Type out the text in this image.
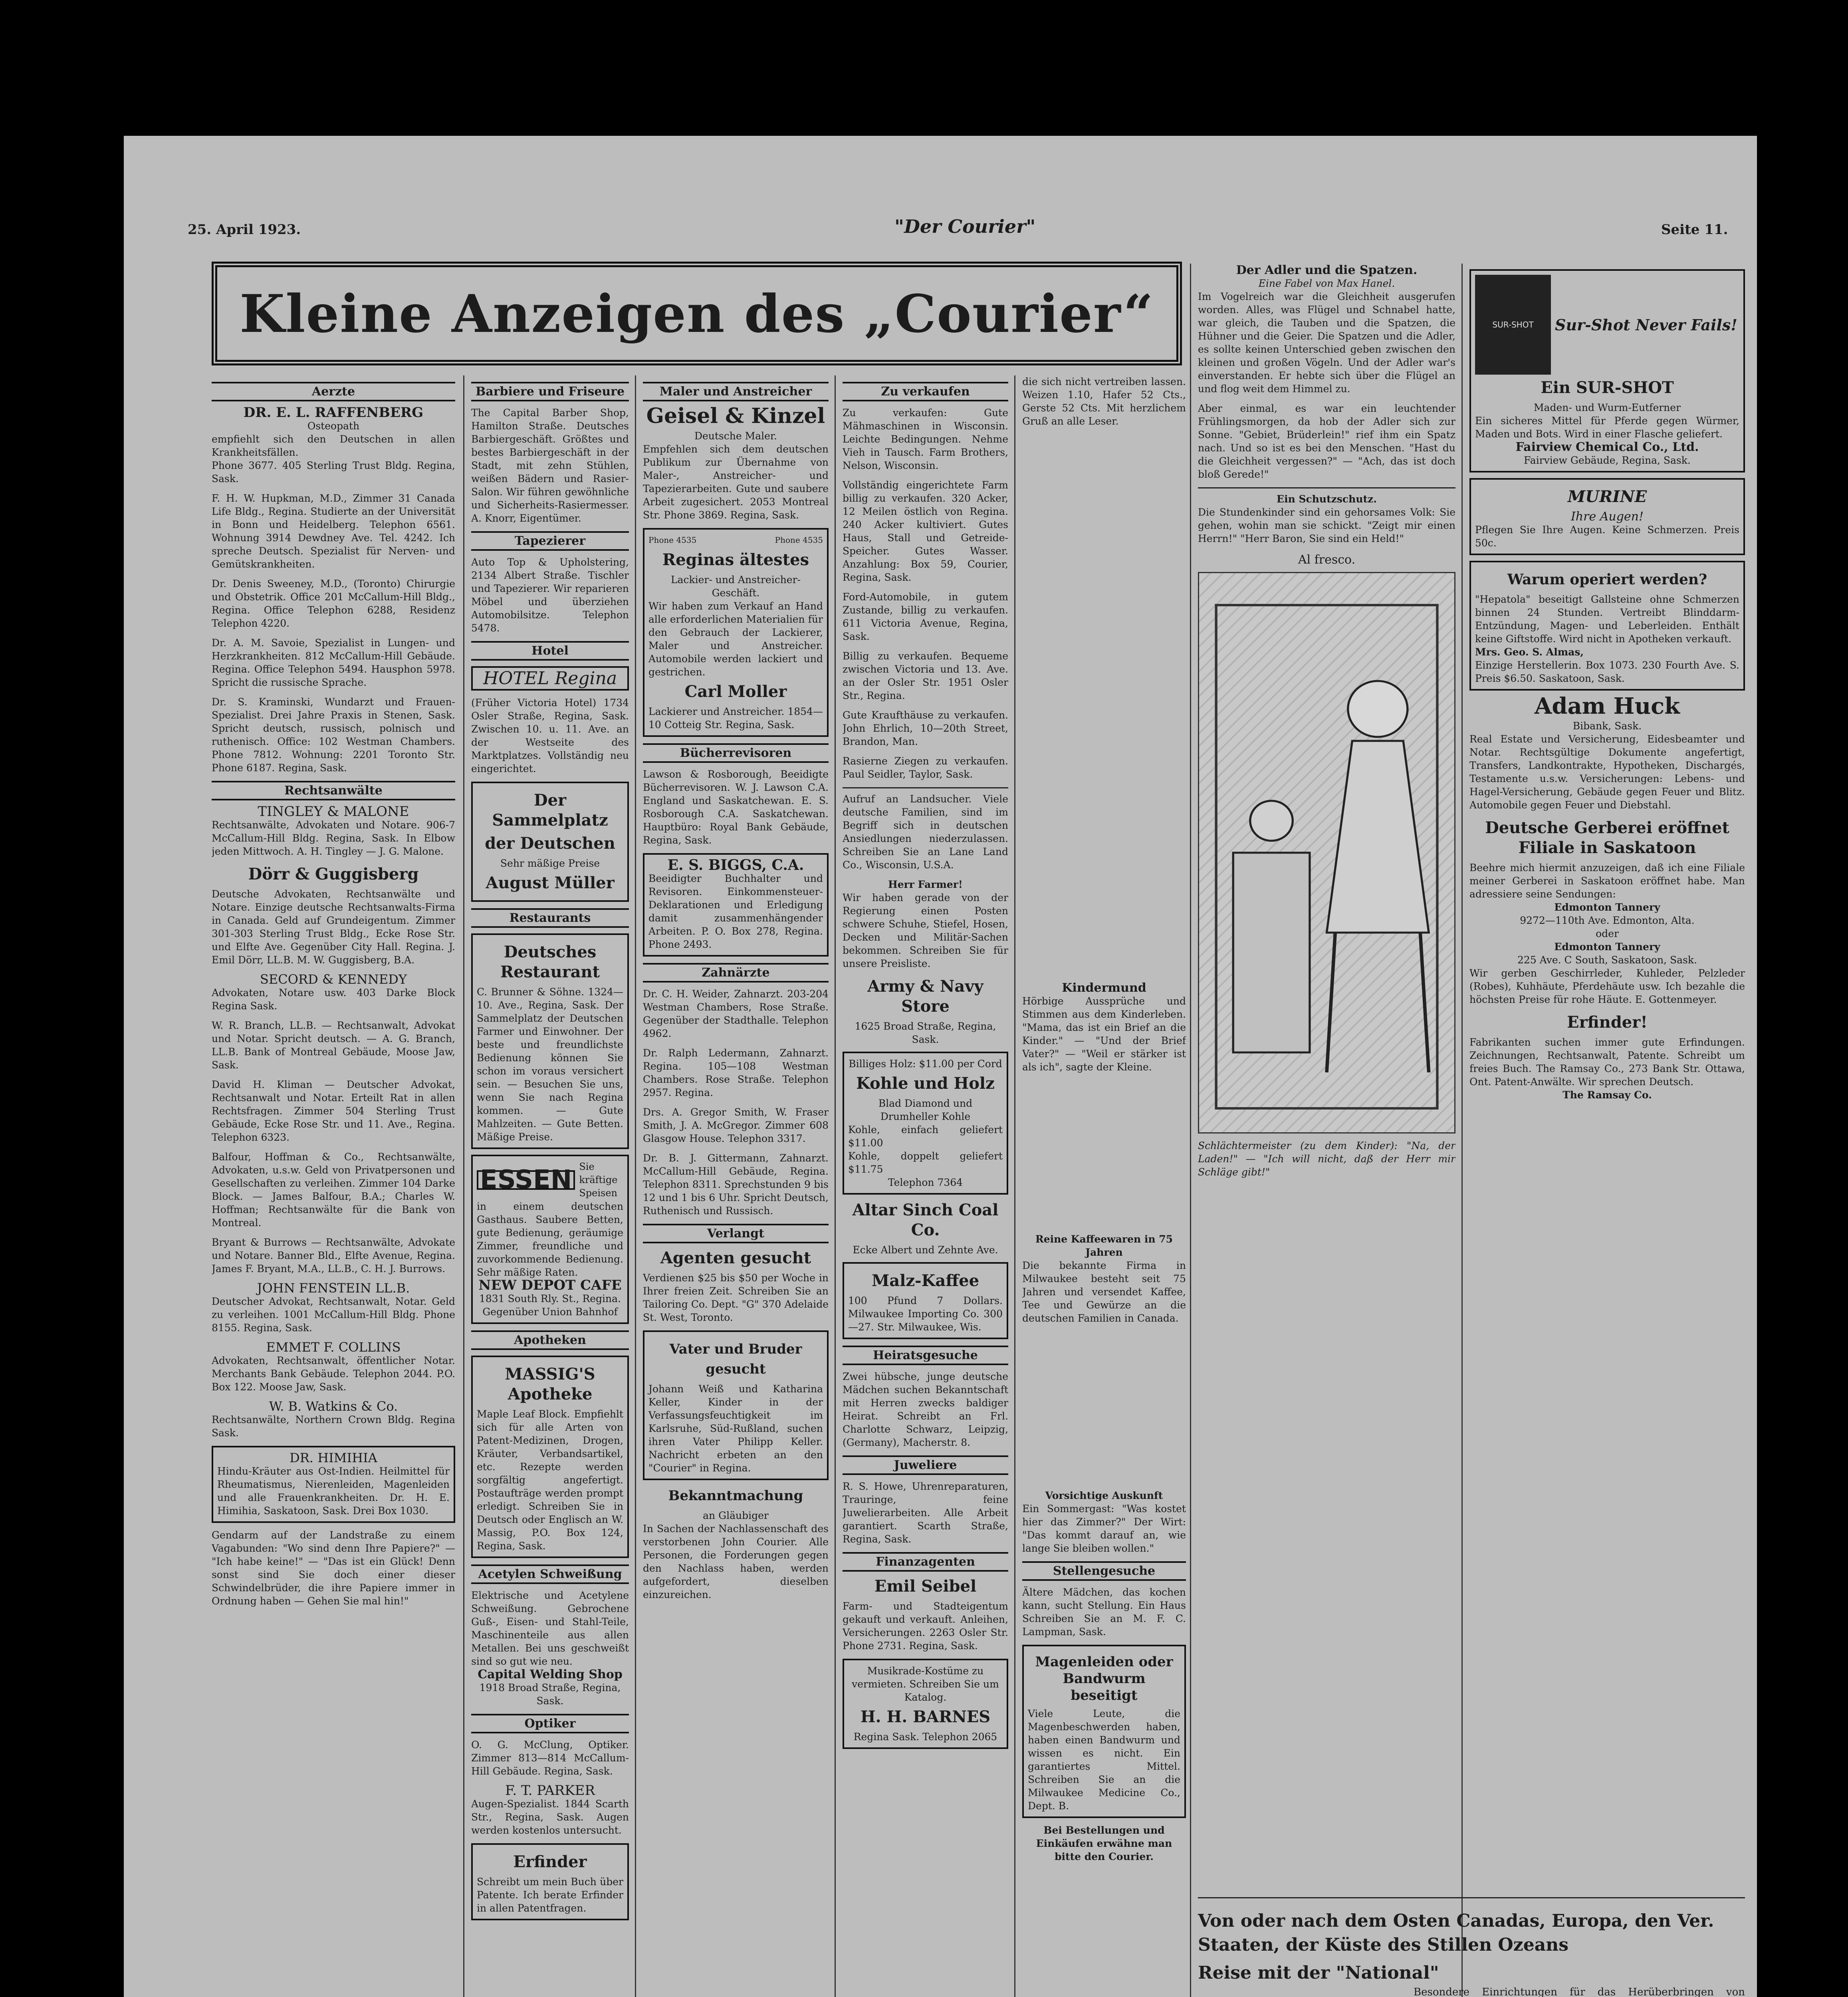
25. April 1923.	"Der Courier"	Seite 11.
Kleine Anzeigen des „Courier“
Aerzte
DR. E. L. RAFFENBERG
Osteopath
empfiehlt sich den Deutschen in allen Krankheitsfällen.
Phone 3677. 405 Sterling Trust Bldg. Regina, Sask.
F. H. W. Hupkman, M.D., Zimmer 31 Canada Life Bldg., Regina. Studierte an der Universität in Bonn und Heidelberg. Telephon 6561. Wohnung 3914 Dewdney Ave. Tel. 4242. Ich spreche Deutsch. Spezialist für Nerven- und Gemütskrankheiten.
Dr. Denis Sweeney, M.D., (Toronto) Chirurgie und Obstetrik. Office 201 McCallum-Hill Bldg., Regina. Office Telephon 6288, Residenz Telephon 4220.
Dr. A. M. Savoie, Spezialist in Lungen- und Herzkrankheiten. 812 McCallum-Hill Gebäude. Regina. Office Telephon 5494. Hausphon 5978. Spricht die russische Sprache.
Dr. S. Kraminski, Wundarzt und Frauen-Spezialist. Drei Jahre Praxis in Stenen, Sask. Spricht deutsch, russisch, polnisch und ruthenisch. Office: 102 Westman Chambers. Phone 7812. Wohnung: 2201 Toronto Str. Phone 6187. Regina, Sask.
Rechtsanwälte
TINGLEY & MALONE
Rechtsanwälte, Advokaten und Notare. 906-7 McCallum-Hill Bldg. Regina, Sask. In Elbow jeden Mittwoch. A. H. Tingley — J. G. Malone.
Dörr & Guggisberg
Deutsche Advokaten, Rechtsanwälte und Notare. Einzige deutsche Rechtsanwalts-Firma in Canada. Geld auf Grundeigentum. Zimmer 301-303 Sterling Trust Bldg., Ecke Rose Str. und Elfte Ave. Gegenüber City Hall. Regina. J. Emil Dörr, LL.B. M. W. Guggisberg, B.A.
SECORD & KENNEDY
Advokaten, Notare usw. 403 Darke Block Regina Sask.
W. R. Branch, LL.B. — Rechtsanwalt, Advokat und Notar. Spricht deutsch. — A. G. Branch, LL.B. Bank of Montreal Gebäude, Moose Jaw, Sask.
David H. Kliman — Deutscher Advokat, Rechtsanwalt und Notar. Erteilt Rat in allen Rechtsfragen. Zimmer 504 Sterling Trust Gebäude, Ecke Rose Str. und 11. Ave., Regina. Telephon 6323.
Balfour, Hoffman & Co., Rechtsanwälte, Advokaten, u.s.w. Geld von Privatpersonen und Gesellschaften zu verleihen. Zimmer 104 Darke Block. — James Balfour, B.A.; Charles W. Hoffman; Rechtsanwälte für die Bank von Montreal.
Bryant & Burrows — Rechtsanwälte, Advokate und Notare. Banner Bld., Elfte Avenue, Regina. James F. Bryant, M.A., LL.B., C. H. J. Burrows.
JOHN FENSTEIN LL.B.
Deutscher Advokat, Rechtsanwalt, Notar. Geld zu verleihen. 1001 McCallum-Hill Bldg. Phone 8155. Regina, Sask.
EMMET F. COLLINS
Advokaten, Rechtsanwalt, öffentlicher Notar. Merchants Bank Gebäude. Telephon 2044. P.O. Box 122. Moose Jaw, Sask.
W. B. Watkins & Co.
Rechtsanwälte, Northern Crown Bldg. Regina Sask.
DR. HIMIHIA
Hindu-Kräuter aus Ost-Indien. Heilmittel für Rheumatismus, Nierenleiden, Magenleiden und alle Frauenkrankheiten. Dr. H. E. Himihia, Saskatoon, Sask. Drei Box 1030.
Gendarm auf der Landstraße zu einem Vagabunden: "Wo sind denn Ihre Papiere?" — "Ich habe keine!" — "Das ist ein Glück! Denn sonst sind Sie doch einer dieser Schwindelbrüder, die ihre Papiere immer in Ordnung haben — Gehen Sie mal hin!"
Barbiere und Friseure
The Capital Barber Shop, Hamilton Straße. Deutsches Barbiergeschäft. Größtes und bestes Barbiergeschäft in der Stadt, mit zehn Stühlen, weißen Bädern und Rasier-Salon. Wir führen gewöhnliche und Sicherheits-Rasiermesser. A. Knorr, Eigentümer.
Tapezierer
Auto Top & Upholstering, 2134 Albert Straße. Tischler und Tapezierer. Wir reparieren Möbel und überziehen Automobilsitze. Telephon 5478.
Hotel
HOTEL Regina
(Früher Victoria Hotel) 1734 Osler Straße, Regina, Sask. Zwischen 10. u. 11. Ave. an der Westseite des Marktplatzes. Vollständig neu eingerichtet.
Der Sammelplatz
der Deutschen
Sehr mäßige Preise
August Müller
Restaurants
Deutsches Restaurant
C. Brunner & Söhne. 1324—10. Ave., Regina, Sask. Der Sammelplatz der Deutschen Farmer und Einwohner. Der beste und freundlichste Bedienung können Sie schon im voraus versichert sein. — Besuchen Sie uns, wenn Sie nach Regina kommen. — Gute Mahlzeiten. — Gute Betten. Mäßige Preise.
ESSEN Sie kräftige Speisen
in einem deutschen Gasthaus. Saubere Betten, gute Bedienung, geräumige Zimmer, freundliche und zuvorkommende Bedienung. Sehr mäßige Raten.
NEW DEPOT CAFE
1831 South Rly. St., Regina. Gegenüber Union Bahnhof
Apotheken
MASSIG'S Apotheke
Maple Leaf Block. Empfiehlt sich für alle Arten von Patent-Medizinen, Drogen, Kräuter, Verbandsartikel, etc. Rezepte werden sorgfältig angefertigt. Postaufträge werden prompt erledigt. Schreiben Sie in Deutsch oder Englisch an W. Massig, P.O. Box 124, Regina, Sask.
Acetylen Schweißung
Elektrische und Acetylene Schweißung. Gebrochene Guß-, Eisen- und Stahl-Teile, Maschinenteile aus allen Metallen. Bei uns geschweißt sind so gut wie neu.
Capital Welding Shop
1918 Broad Straße, Regina, Sask.
Optiker
O. G. McClung, Optiker. Zimmer 813—814 McCallum-Hill Gebäude. Regina, Sask.
F. T. PARKER
Augen-Spezialist. 1844 Scarth Str., Regina, Sask. Augen werden kostenlos untersucht.
Erfinder
Schreibt um mein Buch über Patente. Ich berate Erfinder in allen Patentfragen.
Maler und Anstreicher
Geisel & Kinzel
Deutsche Maler.
Empfehlen sich dem deutschen Publikum zur Übernahme von Maler-, Anstreicher- und Tapezierarbeiten. Gute und saubere Arbeit zugesichert. 2053 Montreal Str. Phone 3869. Regina, Sask.
Phone 4535	Phone 4535
Reginas ältestes
Lackier- und Anstreicher-Geschäft.
Wir haben zum Verkauf an Hand alle erforderlichen Materialien für den Gebrauch der Lackierer, Maler und Anstreicher. Automobile werden lackiert und gestrichen.
Carl Moller
Lackierer und Anstreicher. 1854—10 Cotteig Str. Regina, Sask.
Bücherrevisoren
Lawson & Rosborough, Beeidigte Bücherrevisoren. W. J. Lawson C.A. England und Saskatchewan. E. S. Rosborough C.A. Saskatchewan. Hauptbüro: Royal Bank Gebäude, Regina, Sask.
E. S. BIGGS, C.A.
Beeidigter Buchhalter und Revisoren. Einkommensteuer-Deklarationen und Erledigung damit zusammenhängender Arbeiten. P. O. Box 278, Regina. Phone 2493.
Zahnärzte
Dr. C. H. Weider, Zahnarzt. 203-204 Westman Chambers, Rose Straße. Gegenüber der Stadthalle. Telephon 4962.
Dr. Ralph Ledermann, Zahnarzt. Regina. 105—108 Westman Chambers. Rose Straße. Telephon 2957. Regina.
Drs. A. Gregor Smith, W. Fraser Smith, J. A. McGregor. Zimmer 608 Glasgow House. Telephon 3317.
Dr. B. J. Gittermann, Zahnarzt. McCallum-Hill Gebäude, Regina. Telephon 8311. Sprechstunden 9 bis 12 und 1 bis 6 Uhr. Spricht Deutsch, Ruthenisch und Russisch.
Verlangt
Agenten gesucht
Verdienen $25 bis $50 per Woche in Ihrer freien Zeit. Schreiben Sie an Tailoring Co. Dept. "G" 370 Adelaide St. West, Toronto.
Vater und Bruder gesucht
Johann Weiß und Katharina Keller, Kinder in der Verfassungsfeuchtigkeit im Karlsruhe, Süd-Rußland, suchen ihren Vater Philipp Keller. Nachricht erbeten an den "Courier" in Regina.
Bekanntmachung
an Gläubiger
In Sachen der Nachlassenschaft des verstorbenen John Courier. Alle Personen, die Forderungen gegen den Nachlass haben, werden aufgefordert, dieselben einzureichen.
Zu verkaufen
Zu verkaufen: Gute Mähmaschinen in Wisconsin. Leichte Bedingungen. Nehme Vieh in Tausch. Farm Brothers, Nelson, Wisconsin.
Vollständig eingerichtete Farm billig zu verkaufen. 320 Acker, 12 Meilen östlich von Regina. 240 Acker kultiviert. Gutes Haus, Stall und Getreide-Speicher. Gutes Wasser. Anzahlung: Box 59, Courier, Regina, Sask.
Ford-Automobile, in gutem Zustande, billig zu verkaufen. 611 Victoria Avenue, Regina, Sask.
Billig zu verkaufen. Bequeme zwischen Victoria und 13. Ave. an der Osler Str. 1951 Osler Str., Regina.
Gute Kraufthäuse zu verkaufen. John Ehrlich, 10—20th Street, Brandon, Man.
Rasierne Ziegen zu verkaufen. Paul Seidler, Taylor, Sask.
Aufruf an Landsucher. Viele deutsche Familien, sind im Begriff sich in deutschen Ansiedlungen niederzulassen. Schreiben Sie an Lane Land Co., Wisconsin, U.S.A.
Herr Farmer!
Wir haben gerade von der Regierung einen Posten schwere Schuhe, Stiefel, Hosen, Decken und Militär-Sachen bekommen. Schreiben Sie für unsere Preisliste.
Army & Navy Store
1625 Broad Straße, Regina, Sask.
Billiges Holz: $11.00 per Cord
Kohle und Holz
Blad Diamond und Drumheller Kohle
Kohle, einfach geliefert $11.00
Kohle, doppelt geliefert $11.75
Telephon 7364
Altar Sinch Coal Co.
Ecke Albert und Zehnte Ave.
Malz-Kaffee
100 Pfund 7 Dollars. Milwaukee Importing Co. 300—27. Str. Milwaukee, Wis.
Heiratsgesuche
Zwei hübsche, junge deutsche Mädchen suchen Bekanntschaft mit Herren zwecks baldiger Heirat. Schreibt an Frl. Charlotte Schwarz, Leipzig, (Germany), Macherstr. 8.
Juweliere
R. S. Howe, Uhrenreparaturen, Trauringe, feine Juwelierarbeiten. Alle Arbeit garantiert. Scarth Straße, Regina, Sask.
Finanzagenten
Emil Seibel
Farm- und Stadteigentum gekauft und verkauft. Anleihen, Versicherungen. 2263 Osler Str. Phone 2731. Regina, Sask.
Musikrade-Kostüme zu vermieten. Schreiben Sie um Katalog.
H. H. BARNES
Regina Sask. Telephon 2065
die sich nicht vertreiben lassen. Weizen 1.10, Hafer 52 Cts., Gerste 52 Cts. Mit herzlichem Gruß an alle Leser.
Kindermund
Hörbige Aussprüche und Stimmen aus dem Kinderleben. "Mama, das ist ein Brief an die Kinder." — "Und der Brief Vater?" — "Weil er stärker ist als ich", sagte der Kleine.
Reine Kaffeewaren in 75 Jahren
Die bekannte Firma in Milwaukee besteht seit 75 Jahren und versendet Kaffee, Tee und Gewürze an die deutschen Familien in Canada.
Vorsichtige Auskunft
Ein Sommergast: "Was kostet hier das Zimmer?" Der Wirt: "Das kommt darauf an, wie lange Sie bleiben wollen."
Stellengesuche
Ältere Mädchen, das kochen kann, sucht Stellung. Ein Haus Schreiben Sie an M. F. C. Lampman, Sask.
Magenleiden oder Bandwurm beseitigt
Viele Leute, die Magenbeschwerden haben, haben einen Bandwurm und wissen es nicht. Ein garantiertes Mittel. Schreiben Sie an die Milwaukee Medicine Co., Dept. B.
Bei Bestellungen und Einkäufen erwähne man bitte den Courier.
Der Adler und die Spatzen.
Eine Fabel von Max Hanel.
Im Vogelreich war die Gleichheit ausgerufen worden. Alles, was Flügel und Schnabel hatte, war gleich, die Tauben und die Spatzen, die Hühner und die Geier. Die Spatzen und die Adler, es sollte keinen Unterschied geben zwischen den kleinen und großen Vögeln. Und der Adler war's einverstanden. Er hebte sich über die Flügel an und flog weit dem Himmel zu.
Aber einmal, es war ein leuchtender Frühlingsmorgen, da hob der Adler sich zur Sonne. "Gebiet, Brüderlein!" rief ihm ein Spatz nach. Und so ist es bei den Menschen. "Hast du die Gleichheit vergessen?" — "Ach, das ist doch bloß Gerede!"
Ein Schutzschutz.
Die Stundenkinder sind ein gehorsames Volk: Sie gehen, wohin man sie schickt. "Zeigt mir einen Herrn!" "Herr Baron, Sie sind ein Held!"
Al fresco.
Schlächtermeister (zu dem Kinder): "Na, der Laden!" — "Ich will nicht, daß der Herr mir Schläge gibt!"
SUR-SHOT	Sur-Shot Never Fails!
Ein SUR-SHOT
Maden- und Wurm-Eutferner
Ein sicheres Mittel für Pferde gegen Würmer, Maden und Bots. Wird in einer Flasche geliefert.
Fairview Chemical Co., Ltd.
Fairview Gebäude, Regina, Sask.
MURINE
Ihre Augen!
Pflegen Sie Ihre Augen. Keine Schmerzen. Preis 50c.
Warum operiert werden?
"Hepatola" beseitigt Gallsteine ohne Schmerzen binnen 24 Stunden. Vertreibt Blinddarm-Entzündung, Magen- und Leberleiden. Enthält keine Giftstoffe. Wird nicht in Apotheken verkauft.
Mrs. Geo. S. Almas,
Einzige Herstellerin. Box 1073. 230 Fourth Ave. S. Preis $6.50. Saskatoon, Sask.
Adam Huck
Bibank, Sask.
Real Estate und Versicherung, Eidesbeamter und Notar. Rechtsgültige Dokumente angefertigt, Transfers, Landkontrakte, Hypotheken, Dischargés, Testamente u.s.w. Versicherungen: Lebens- und Hagel-Versicherung, Gebäude gegen Feuer und Blitz. Automobile gegen Feuer und Diebstahl.
Deutsche Gerberei eröffnet Filiale in Saskatoon
Beehre mich hiermit anzuzeigen, daß ich eine Filiale meiner Gerberei in Saskatoon eröffnet habe. Man adressiere seine Sendungen:
Edmonton Tannery
9272—110th Ave. Edmonton, Alta.
oder
Edmonton Tannery
225 Ave. C South, Saskatoon, Sask.
Wir gerben Geschirrleder, Kuhleder, Pelzleder (Robes), Kuhhäute, Pferdehäute usw. Ich bezahle die höchsten Preise für rohe Häute. E. Gottenmeyer.
Erfinder!
Fabrikanten suchen immer gute Erfindungen. Zeichnungen, Rechtsanwalt, Patente. Schreibt um freies Buch. The Ramsay Co., 273 Bank Str. Ottawa, Ont. Patent-Anwälte. Wir sprechen Deutsch.
The Ramsay Co.
Von oder nach dem Osten Canadas, Europa, den Ver. Staaten, der Küste des Stillen Ozeans
Reise mit der "National"
Besondere Einrichtungen für das Herüberbringen von
